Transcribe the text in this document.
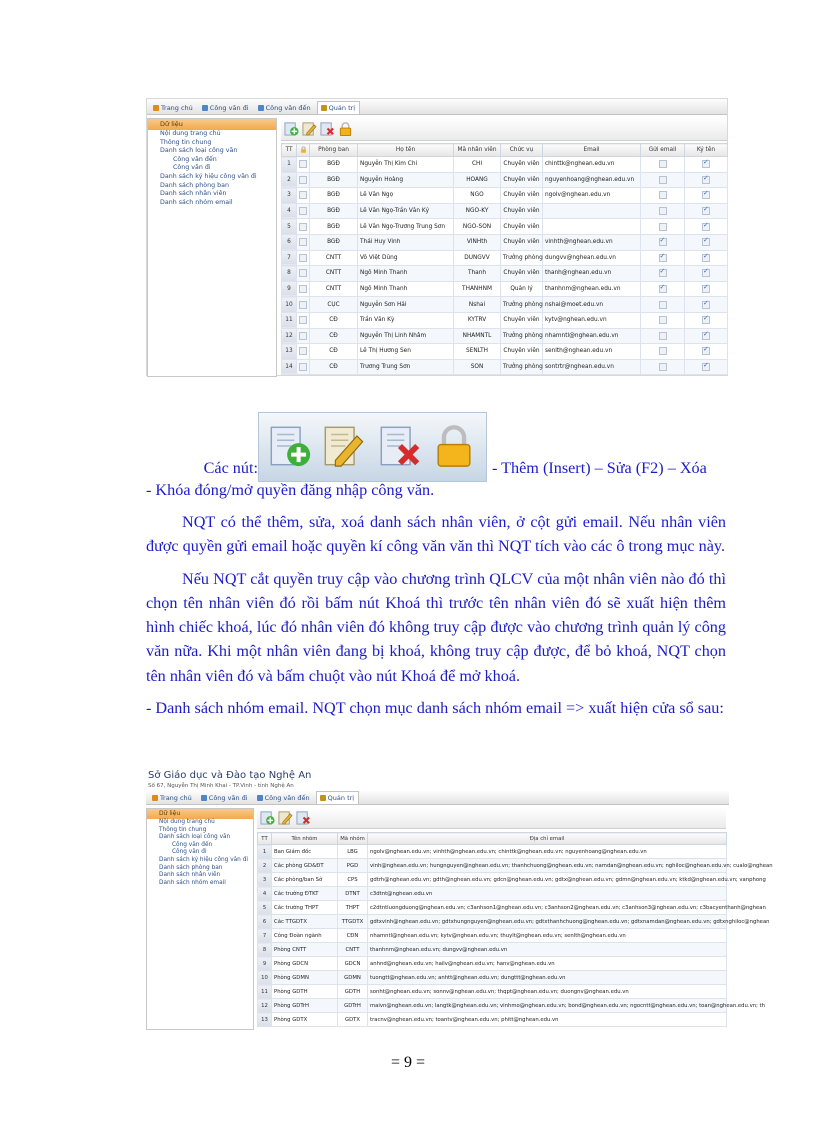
Trang chủ	Công văn đi	Công văn đến	Quản trị
Dữ liệu
Nội dung trang chủ
Thông tin chung
Danh sách loại công văn
Công văn đến
Công văn đi
Danh sách ký hiệu công văn đi
Danh sách phòng ban
Danh sách nhân viên
Danh sách nhóm email
TT		Phòng ban	Họ tên	Mã nhân viên	Chức vụ	Email	Gửi email	Ký tên
1		BGĐ	Nguyễn Thị Kim Chi	CHI	Chuyên viên	chinttk@nghean.edu.vn		✓
2		BGĐ	Nguyễn Hoàng	HOANG	Chuyên viên	nguyenhoang@nghean.edu.vn		✓
3		BGĐ	Lê Văn Ngọ	NGO	Chuyên viên	ngolv@nghean.edu.vn		✓
4		BGĐ	Lê Văn Ngọ-Trần Văn Kỷ	NGO-KY	Chuyên viên			✓
5		BGĐ	Lê Văn Ngọ-Trương Trung Sơn	NGO-SON	Chuyên viên			✓
6		BGĐ	Thái Huy Vinh	VINHth	Chuyên viên	vinhth@nghean.edu.vn	✓	✓
7		CNTT	Võ Việt Dũng	DUNGVV	Trưởng phòng	dungvv@nghean.edu.vn	✓	✓
8		CNTT	Ngô Minh Thanh	Thanh	Chuyên viên	thanh@nghean.edu.vn	✓	✓
9		CNTT	Ngô Minh Thanh	THANHNM	Quản lý	thanhnm@nghean.edu.vn	✓	✓
10		CỤC	Nguyễn Sơn Hải	Nshai	Trưởng phòng	nshai@moet.edu.vn		✓
11		CĐ	Trần Văn Kỳ	KYTRV	Chuyên viên	kytv@nghean.edu.vn		✓
12		CĐ	Nguyễn Thị Linh Nhâm	NHAMNTL	Trưởng phòng	nhamntl@nghean.edu.vn		✓
13		CĐ	Lê Thị Hương Sen	SENLTH	Chuyên viên	senlth@nghean.edu.vn		✓
14		CĐ	Trương Trung Sơn	SON	Trưởng phòng	sontrtr@nghean.edu.vn		✓

Các nút:	- Thêm (Insert) – Sửa (F2) – Xóa

- Khóa đóng/mở quyền đăng nhập công văn.

NQT có thể thêm, sửa, xoá danh sách nhân viên, ở cột gửi email. Nếu nhân viên được quyền gửi email hoặc quyền kí công văn văn thì NQT tích vào các ô trong mục này.

Nếu NQT cắt quyền truy cập vào chương trình QLCV của một nhân viên nào đó thì chọn tên nhân viên đó rồi bấm nút Khoá thì trước tên nhân viên đó sẽ xuất hiện thêm hình chiếc khoá, lúc đó nhân viên đó không truy cập được vào chương trình quản lý công văn nữa. Khi một nhân viên đang bị khoá, không truy cập được, để bỏ khoá, NQT chọn tên nhân viên đó và bấm chuột vào nút Khoá để mở khoá.

- Danh sách nhóm email. NQT chọn mục danh sách nhóm email => xuất hiện cửa sổ sau:

Sở Giáo dục và Đào tạo Nghệ An
Số 67, Nguyễn Thị Minh Khai - TP.Vinh - tỉnh Nghệ An
Trang chủ	Công văn đi	Công văn đến	Quản trị
Dữ liệu
Nội dung trang chủ
Thông tin chung
Danh sách loại công văn
Công văn đến
Công văn đi
Danh sách ký hiệu công văn đi
Danh sách phòng ban
Danh sách nhân viên
Danh sách nhóm email
TT	Tên nhóm	Mã nhóm	Địa chỉ email
1	Ban Giám đốc	LBG	ngolv@nghean.edu.vn; vinhth@nghean.edu.vn; chinttk@nghean.edu.vn; nguyenhoang@nghean.edu.vn
2	Các phòng GD&ĐT	PGD	vinh@nghean.edu.vn; hungnguyen@nghean.edu.vn; thanhchuong@nghean.edu.vn; namdan@nghean.edu.vn; nghiloc@nghean.edu.vn; cualo@nghean
3	Các phòng/ban Sở	CPS	gdtrh@nghean.edu.vn; gdth@nghean.edu.vn; gdcn@nghean.edu.vn; gdtx@nghean.edu.vn; gdmn@nghean.edu.vn; ktkd@nghean.edu.vn; vanphong
4	Các trường ĐTKT	DTNT	c3dtnt@nghean.edu.vn
5	Các trường THPT	THPT	c2dtntluongduong@nghean.edu.vn; c3anhson1@nghean.edu.vn; c3anhson2@nghean.edu.vn; c3anhson3@nghean.edu.vn; c3bacyenthanh@nghean
6	Các TTGDTX	TTGDTX	gdtxvinh@nghean.edu.vn; gdtxhungnguyen@nghean.edu.vn; gdtxthanhchuong@nghean.edu.vn; gdtxnamdan@nghean.edu.vn; gdtxnghiloc@nghean
7	Công Đoàn ngành	CĐN	nhamntl@nghean.edu.vn; kytv@nghean.edu.vn; thuylt@nghean.edu.vn; senlth@nghean.edu.vn
8	Phòng CNTT	CNTT	thanhnm@nghean.edu.vn; dungvv@nghean.edu.vn
9	Phòng GDCN	GDCN	anhnd@nghean.edu.vn; hailv@nghean.edu.vn; hanv@nghean.edu.vn
10	Phòng GDMN	GDMN	tuongtt@nghean.edu.vn; anhtt@nghean.edu.vn; dungttt@nghean.edu.vn
11	Phòng GDTH	GDTH	sonht@nghean.edu.vn; sonnv@nghean.edu.vn; thqpt@nghean.edu.vn; duongnv@nghean.edu.vn
12	Phòng GDTrH	GDTrH	maivn@nghean.edu.vn; langtk@nghean.edu.vn; vinhmo@nghean.edu.vn; bond@nghean.edu.vn; ngocntt@nghean.edu.vn; toan@nghean.edu.vn; th
13	Phòng GDTX	GDTX	tracnv@nghean.edu.vn; toantv@nghean.edu.vn; phitt@nghean.edu.vn
= 9 =
